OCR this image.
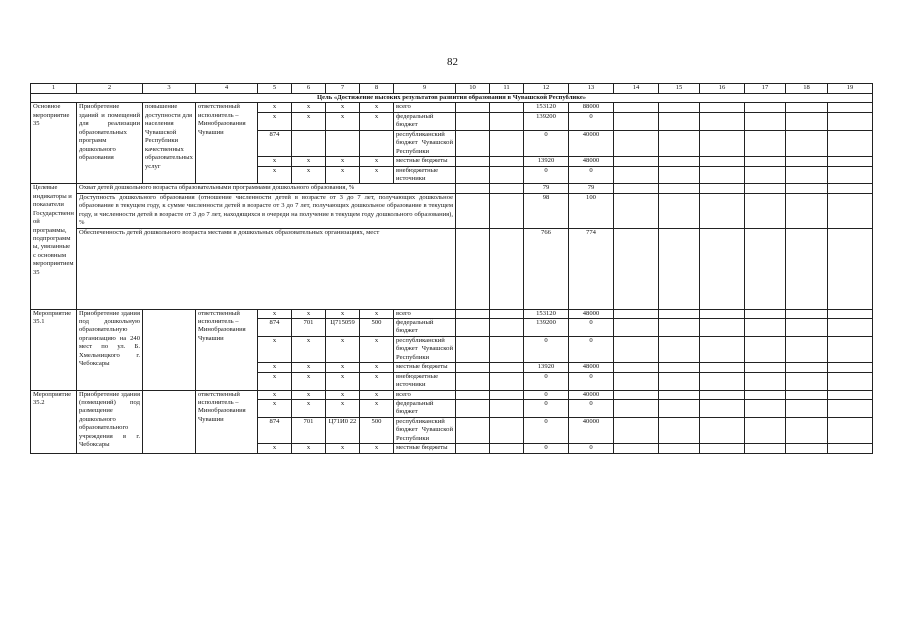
82
1	2	3	4	5	6	7	8	9	10	11	12	13	14	15	16	17	18	19
Цель «Достижение высоких результатов развития образования в Чувашской Республике»																		
Основное мероприятие 35	Приобретение зданий и помещений для реализации образовательных программ дошкольного образования	повышение доступности для населения Чувашской Республики качественных образовательных услуг	ответственный исполнитель – Минобразования Чувашии	x	x	x	x	всего			153120	88000						
				x	x	x	x	федеральный бюджет			139200	0						
				874				республиканский бюджет Чувашской Республики			0	40000						
				x	x	x	x	местные бюджеты			13920	48000						
				x	x	x	x	внебюджетные источники			0	0						
Целевые индикаторы и показатели Государственной программы, подпрограммы, увязанные с основным мероприятием 35	Охват детей дошкольного возраста образовательными программами дошкольного образования, %										79	79						
	Доступность дошкольного образования (отношение численности детей в возрасте от 3 до 7 лет, получающих дошкольное образование в текущем году, к сумме численности детей в возрасте от 3 до 7 лет, получающих дошкольное образование в текущем году, и численности детей в возрасте от 3 до 7 лет, находящихся в очереди на получение в текущем году дошкольного образования), %										98	100						
	Обеспеченность детей дошкольного возраста местами в дошкольных образовательных организациях, мест										766	774						
Мероприятие 35.1	Приобретение здания под дошкольную образовательную организацию на 240 мест по ул. Б. Хмельницкого г. Чебоксары		ответственный исполнитель – Минобразования Чувашии	x	x	x	x	всего			153120	48000						
				874	701	Ц715059	500	федеральный бюджет			139200	0						
				x	x	x	x	республиканский бюджет Чувашской Республики			0	0						
				x	x	x	x	местные бюджеты			13920	48000						
				x	x	x	x	внебюджетные источники			0	0						
Мероприятие 35.2	Приобретение здания (помещений) под размещение дошкольного образовательного учреждения в г. Чебоксары		ответственный исполнитель – Минобразования Чувашии	x	x	x	x	всего			0	40000						
				x	x	x	x	федеральный бюджет			0	0						
				874	701	Ц71И0 22	500	республиканский бюджет Чувашской Республики			0	40000						
				x	x	x	x	местные бюджеты			0	0						
